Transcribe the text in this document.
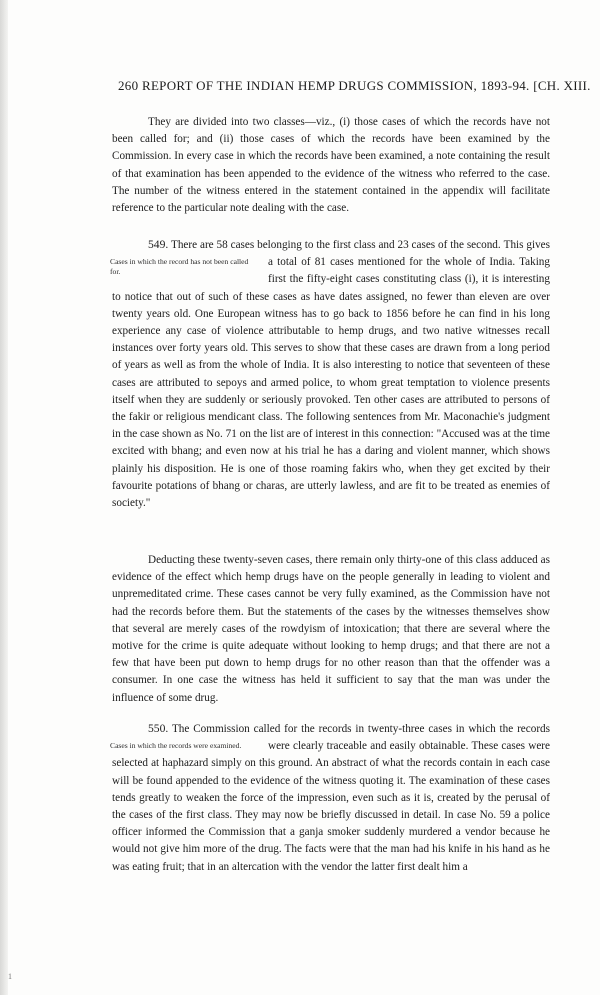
260 REPORT OF THE INDIAN HEMP DRUGS COMMISSION, 1893-94. [CH. XIII.
They are divided into two classes—viz., (i) those cases of which the records have not been called for; and (ii) those cases of which the records have been examined by the Commission. In every case in which the records have been examined, a note containing the result of that examination has been appended to the evidence of the witness who referred to the case. The number of the witness entered in the statement contained in the appendix will facilitate reference to the particular note dealing with the case.
549. There are 58 cases belonging to the first class and 23 cases of the second.
Cases in which the record has not been called for.
This gives a total of 81 cases mentioned for the whole of India. Taking first the fifty-eight cases constituting class (i), it is interesting to notice that out of such of these cases as have dates assigned, no fewer than eleven are over twenty years old. One European witness has to go back to 1856 before he can find in his long experience any case of violence attributable to hemp drugs, and two native witnesses recall instances over forty years old. This serves to show that these cases are drawn from a long period of years as well as from the whole of India. It is also interesting to notice that seventeen of these cases are attributed to sepoys and armed police, to whom great temptation to violence presents itself when they are suddenly or seriously provoked. Ten other cases are attributed to persons of the fakir or religious mendicant class. The following sentences from Mr. Maconachie's judgment in the case shown as No. 71 on the list are of interest in this connection: "Accused was at the time excited with bhang; and even now at his trial he has a daring and violent manner, which shows plainly his disposition. He is one of those roaming fakirs who, when they get excited by their favourite potations of bhang or charas, are utterly lawless, and are fit to be treated as enemies of society."
Deducting these twenty-seven cases, there remain only thirty-one of this class adduced as evidence of the effect which hemp drugs have on the people generally in leading to violent and unpremeditated crime. These cases cannot be very fully examined, as the Commission have not had the records before them. But the statements of the cases by the witnesses themselves show that several are merely cases of the rowdyism of intoxication; that there are several where the motive for the crime is quite adequate without looking to hemp drugs; and that there are not a few that have been put down to hemp drugs for no other reason than that the offender was a consumer. In one case the witness has held it sufficient to say that the man was under the influence of some drug.
550. The Commission called for the records in twenty-three cases in which the
Cases in which the records were examined.
records were clearly traceable and easily obtainable. These cases were selected at haphazard simply on this ground. An abstract of what the records contain in each case will be found appended to the evidence of the witness quoting it. The examination of these cases tends greatly to weaken the force of the impression, even such as it is, created by the perusal of the cases of the first class. They may now be briefly discussed in detail. In case No. 59 a police officer informed the Commission that a ganja smoker suddenly murdered a vendor because he would not give him more of the drug. The facts were that the man had his knife in his hand as he was eating fruit; that in an altercation with the vendor the latter first dealt him a
1
